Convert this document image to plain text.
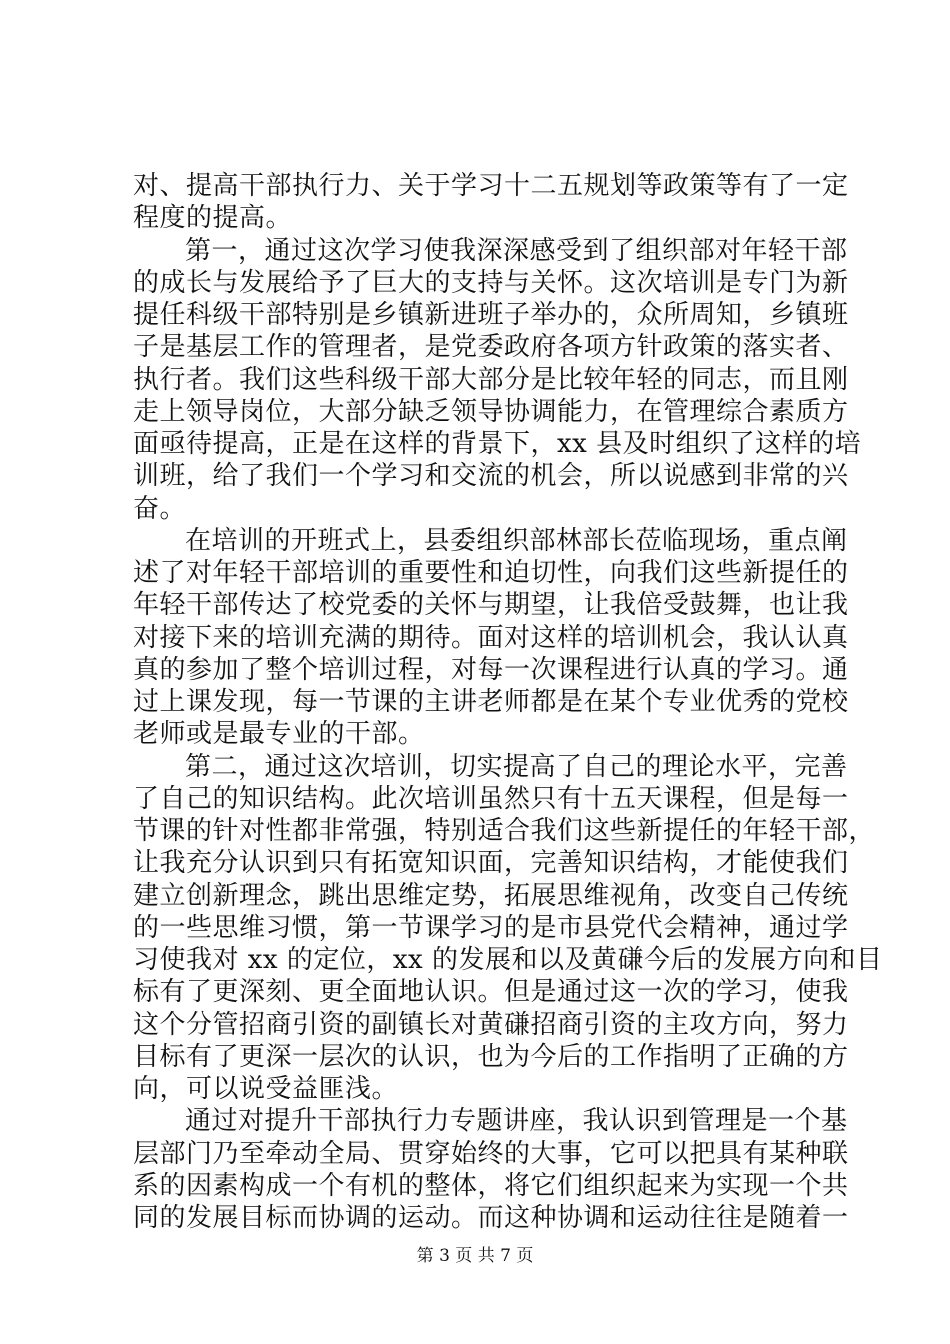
对、提高干部执行力、关于学习十二五规划等政策等有了一定
程度的提高。
第一，通过这次学习使我深深感受到了组织部对年轻干部
的成长与发展给予了巨大的支持与关怀。这次培训是专门为新
提任科级干部特别是乡镇新进班子举办的，众所周知，乡镇班
子是基层工作的管理者，是党委政府各项方针政策的落实者、
执行者。我们这些科级干部大部分是比较年轻的同志，而且刚
走上领导岗位，大部分缺乏领导协调能力，在管理综合素质方
面亟待提高，正是在这样的背景下，xx 县及时组织了这样的培
训班，给了我们一个学习和交流的机会，所以说感到非常的兴
奋。
在培训的开班式上，县委组织部林部长莅临现场，重点阐
述了对年轻干部培训的重要性和迫切性，向我们这些新提任的
年轻干部传达了校党委的关怀与期望，让我倍受鼓舞，也让我
对接下来的培训充满的期待。面对这样的培训机会，我认认真
真的参加了整个培训过程，对每一次课程进行认真的学习。通
过上课发现，每一节课的主讲老师都是在某个专业优秀的党校
老师或是最专业的干部。
第二，通过这次培训，切实提高了自己的理论水平，完善
了自己的知识结构。此次培训虽然只有十五天课程，但是每一
节课的针对性都非常强，特别适合我们这些新提任的年轻干部，
让我充分认识到只有拓宽知识面，完善知识结构，才能使我们
建立创新理念，跳出思维定势，拓展思维视角，改变自己传统
的一些思维习惯，第一节课学习的是市县党代会精神，通过学
习使我对 xx 的定位，xx 的发展和以及黄磏今后的发展方向和目
标有了更深刻、更全面地认识。但是通过这一次的学习，使我
这个分管招商引资的副镇长对黄磏招商引资的主攻方向，努力
目标有了更深一层次的认识，也为今后的工作指明了正确的方
向，可以说受益匪浅。
通过对提升干部执行力专题讲座，我认识到管理是一个基
层部门乃至牵动全局、贯穿始终的大事，它可以把具有某种联
系的因素构成一个有机的整体，将它们组织起来为实现一个共
同的发展目标而协调的运动。而这种协调和运动往往是随着一
第 3 页 共 7 页
